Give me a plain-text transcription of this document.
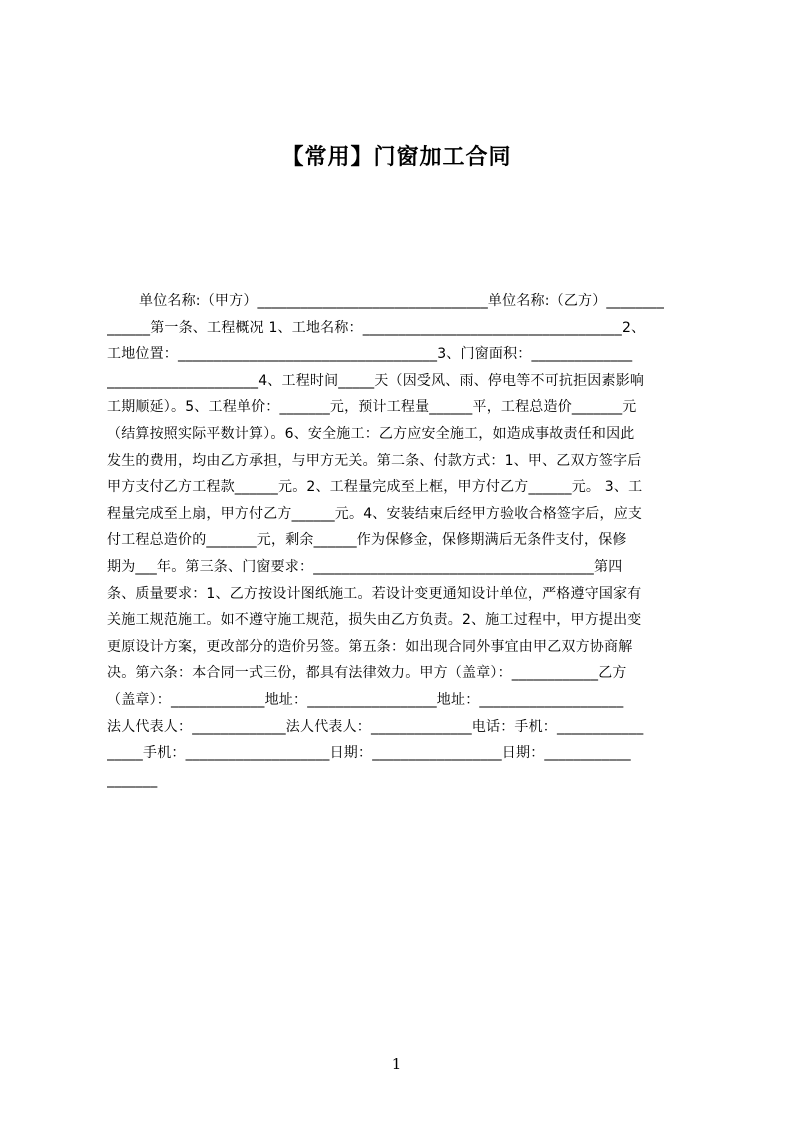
【常用】门窗加工合同
单位名称:（甲方）________________________________单位名称:（乙方）________
______第一条、工程概况 1、工地名称：____________________________________2、
工地位置：____________________________________3、门窗面积：______________
_____________________4、工程时间_____天（因受风、雨、停电等不可抗拒因素影响
工期顺延）。5、工程单价：_______元，预计工程量______平，工程总造价_______元
（结算按照实际平数计算）。6、安全施工：乙方应安全施工，如造成事故责任和因此
发生的费用，均由乙方承担，与甲方无关。第二条、付款方式：1、甲、乙双方签字后
甲方支付乙方工程款______元。2、工程量完成至上框，甲方付乙方______元。 3、工
程量完成至上扇，甲方付乙方______元。4、安装结束后经甲方验收合格签字后，应支
付工程总造价的_______元，剩余______作为保修金，保修期满后无条件支付，保修
期为___年。第三条、门窗要求：_______________________________________第四
条、质量要求：1、乙方按设计图纸施工。若设计变更通知设计单位，严格遵守国家有
关施工规范施工。如不遵守施工规范，损失由乙方负责。2、施工过程中，甲方提出变
更原设计方案，更改部分的造价另签。第五条：如出现合同外事宜由甲乙双方协商解
决。第六条：本合同一式三份，都具有法律效力。甲方（盖章）：____________乙方
（盖章）：_____________地址：__________________地址：____________________
法人代表人：_____________法人代表人：______________电话：手机：____________
_____手机：____________________日期：__________________日期：____________
_______
1
